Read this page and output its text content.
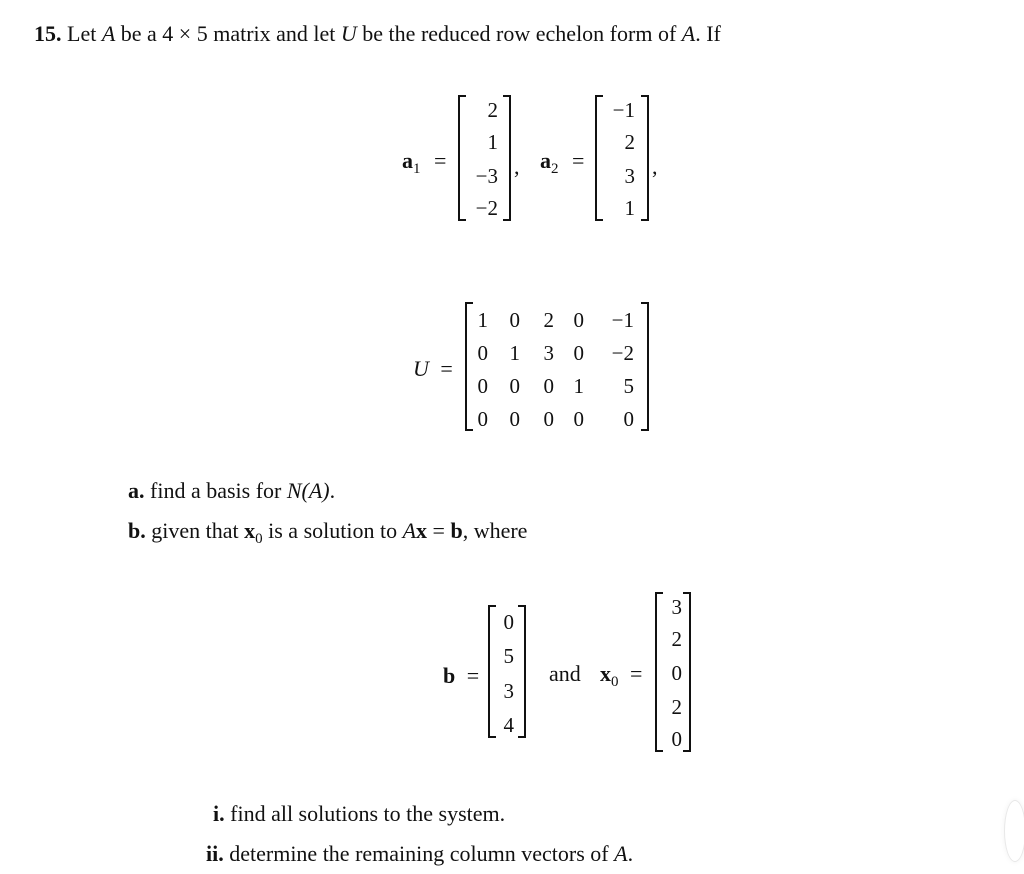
15. Let A be a 4 × 5 matrix and let U be the reduced row echelon form of A. If
$a_1$ =
2
1
−3
−2
, $a_2$ =
−1
2
3
1
,
U =
1 0 2 0	−1
0 1 3 0	−2
0 0 0 1	5
0 0 0 0	0
a. find a basis for N(A).
b. given that $x_0$ is a solution to Ax = b, where
b =
0
5
3
4
and $x_0$ =
3
2
0
2
0
i. find all solutions to the system.
ii. determine the remaining column vectors of A.
